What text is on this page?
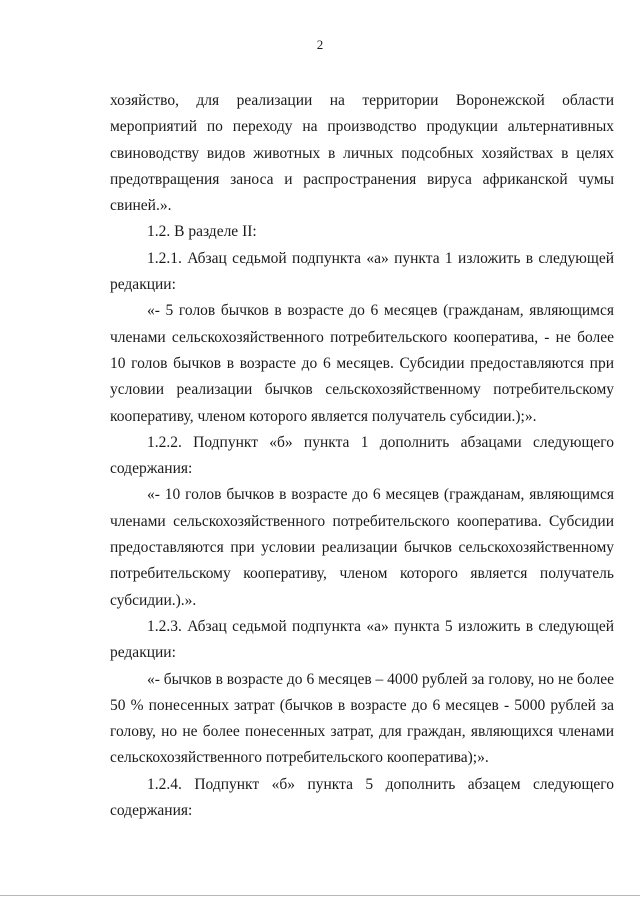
2

хозяйство, для реализации на территории Воронежской области мероприятий по переходу на производство продукции альтернативных свиноводству видов животных в личных подсобных хозяйствах в целях предотвращения заноса и распространения вируса африканской чумы свиней.».

1.2. В разделе II:

1.2.1. Абзац седьмой подпункта «а» пункта 1 изложить в следующей редакции:

«- 5 голов бычков в возрасте до 6 месяцев (гражданам, являющимся членами сельскохозяйственного потребительского кооператива, - не более 10 голов бычков в возрасте до 6 месяцев. Субсидии предоставляются при условии реализации бычков сельскохозяйственному потребительскому кооперативу, членом которого является получатель субсидии.);».

1.2.2. Подпункт «б» пункта 1 дополнить абзацами следующего содержания:

«- 10 голов бычков в возрасте до 6 месяцев (гражданам, являющимся членами сельскохозяйственного потребительского кооператива. Субсидии предоставляются при условии реализации бычков сельскохозяйственному потребительскому кооперативу, членом которого является получатель субсидии.).».

1.2.3. Абзац седьмой подпункта «а» пункта 5 изложить в следующей редакции:

«- бычков в возрасте до 6 месяцев – 4000 рублей за голову, но не более 50 % понесенных затрат (бычков в возрасте до 6 месяцев - 5000 рублей за голову, но не более понесенных затрат, для граждан, являющихся членами сельскохозяйственного потребительского кооператива);».

1.2.4. Подпункт «б» пункта 5 дополнить абзацем следующего содержания:
